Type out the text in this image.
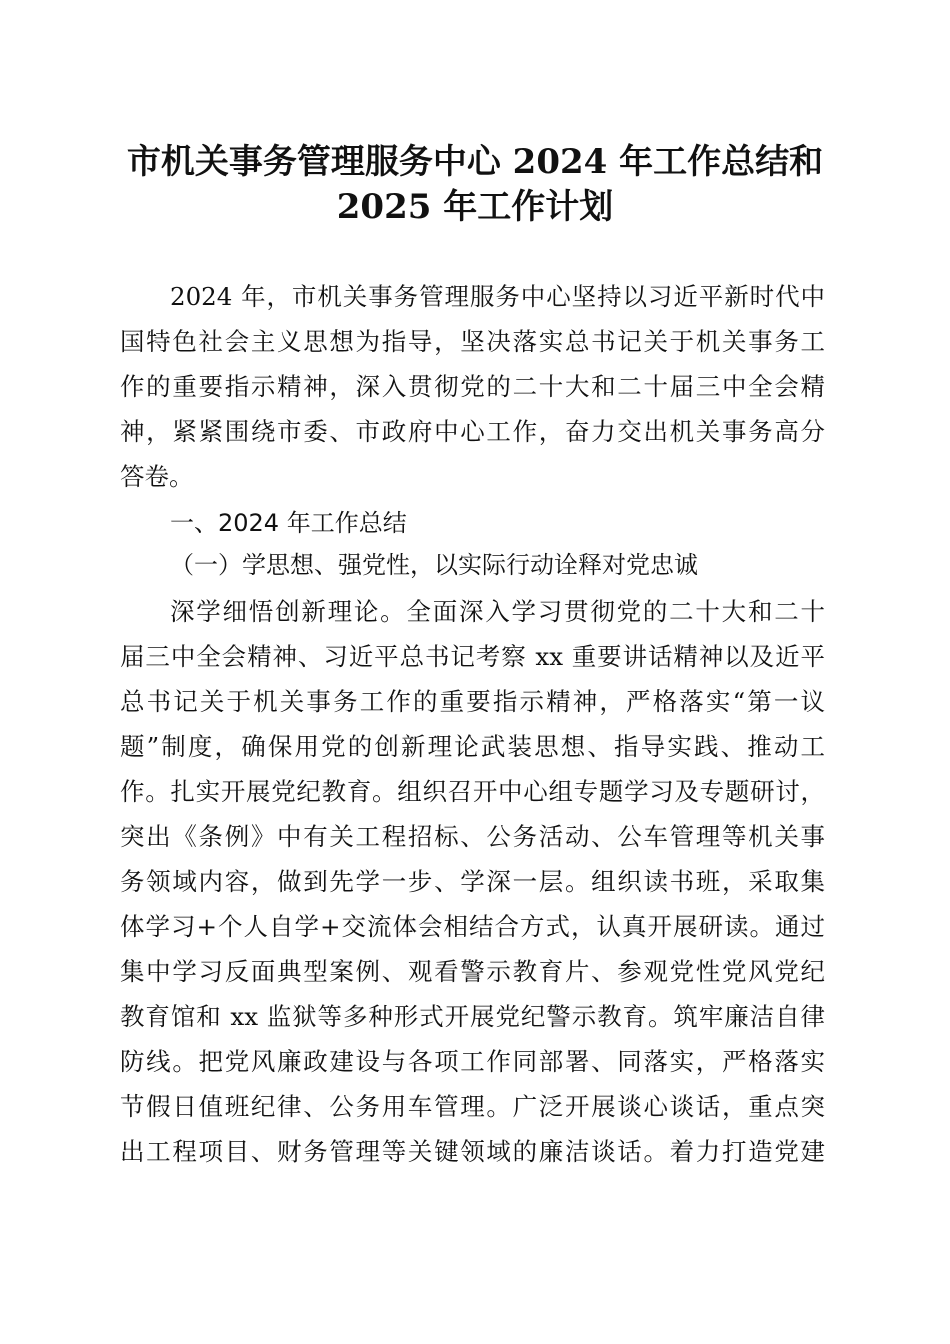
市机关事务管理服务中心 2024 年工作总结和
2025 年工作计划
2024 年，市机关事务管理服务中心坚持以习近平新时代中
国特色社会主义思想为指导，坚决落实总书记关于机关事务工
作的重要指示精神，深入贯彻党的二十大和二十届三中全会精
神，紧紧围绕市委、市政府中心工作，奋力交出机关事务高分
答卷。
一、2024 年工作总结
（一）学思想、强党性，以实际行动诠释对党忠诚
深学细悟创新理论。全面深入学习贯彻党的二十大和二十
届三中全会精神、习近平总书记考察 xx 重要讲话精神以及近平
总书记关于机关事务工作的重要指示精神，严格落实“第一议
题”制度，确保用党的创新理论武装思想、指导实践、推动工
作。扎实开展党纪教育。组织召开中心组专题学习及专题研讨，
突出《条例》中有关工程招标、公务活动、公车管理等机关事
务领域内容，做到先学一步、学深一层。组织读书班，采取集
体学习+个人自学+交流体会相结合方式，认真开展研读。通过
集中学习反面典型案例、观看警示教育片、参观党性党风党纪
教育馆和 xx 监狱等多种形式开展党纪警示教育。筑牢廉洁自律
防线。把党风廉政建设与各项工作同部署、同落实，严格落实
节假日值班纪律、公务用车管理。广泛开展谈心谈话，重点突
出工程项目、财务管理等关键领域的廉洁谈话。着力打造党建
